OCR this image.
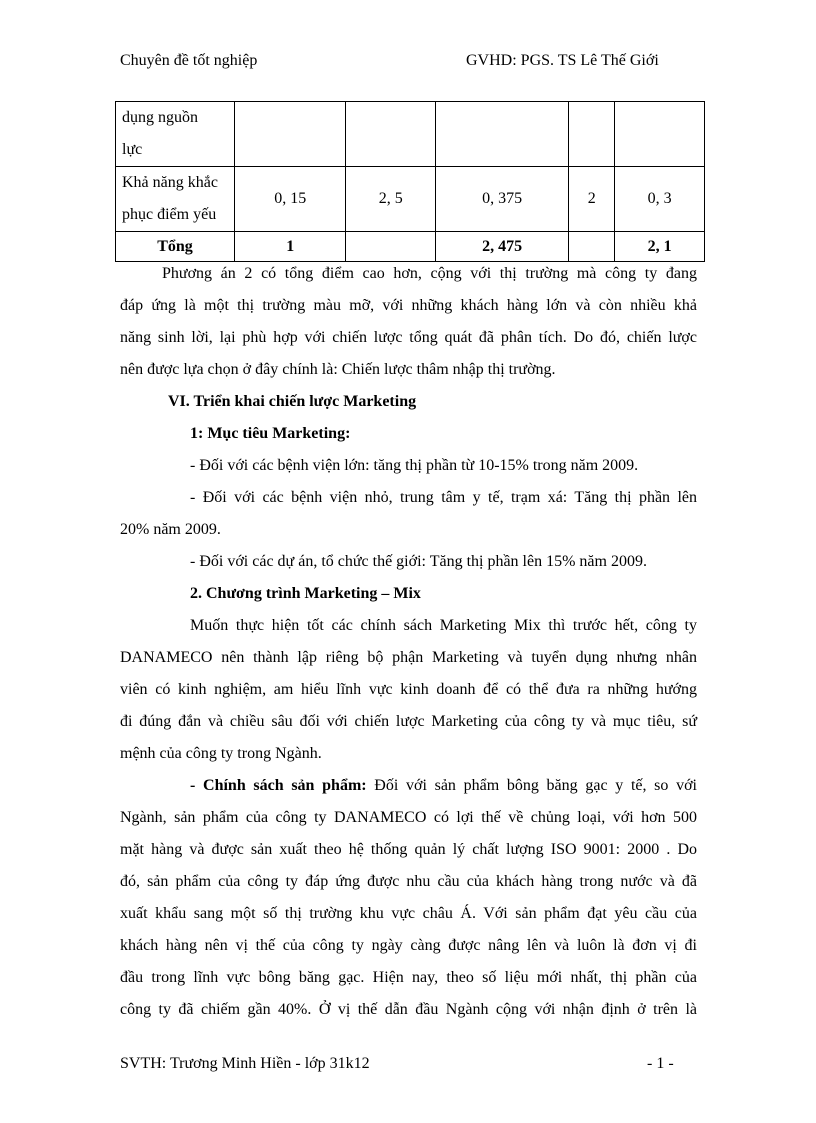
Chuyên đề tốt nghiệp	GVHD: PGS. TS Lê Thế Giới
dụng nguồn
lực					
Khả năng khắc
phục điểm yếu	0, 15	2, 5	0, 375	2	0, 3
Tổng	1		2, 475		2, 1

Phương án 2 có tổng điểm cao hơn, cộng với thị trường mà công ty đang

đáp ứng là một thị trường màu mỡ, với những khách hàng lớn và còn nhiều khả

năng sinh lời, lại phù hợp với chiến lược tổng quát đã phân tích. Do đó, chiến lược

nên được lựa chọn ở đây chính là: Chiến lược thâm nhập thị trường.

VI. Triển khai chiến lược Marketing

1: Mục tiêu Marketing:

- Đối với các bệnh viện lớn: tăng thị phần từ 10-15% trong năm 2009.

- Đối với các bệnh viện nhỏ, trung tâm y tế, trạm xá: Tăng thị phần lên

20% năm 2009.

- Đối với các dự án, tổ chức thế giới: Tăng thị phần lên 15% năm 2009.

2. Chương trình Marketing – Mix

Muốn thực hiện tốt các chính sách Marketing Mix thì trước hết, công ty

DANAMECO nên thành lập riêng bộ phận Marketing và tuyển dụng nhưng nhân

viên có kinh nghiệm, am hiểu lĩnh vực kinh doanh để có thể đưa ra những hướng

đi đúng đắn và chiều sâu đối với chiến lược Marketing của công ty và mục tiêu, sứ

mệnh của công ty trong Ngành.

- Chính sách sản phẩm: Đối với sản phẩm bông băng gạc y tế, so với

Ngành, sản phẩm của công ty DANAMECO có lợi thế về chủng loại, với hơn 500

mặt hàng và được sản xuất theo hệ thống quản lý chất lượng ISO 9001: 2000 . Do

đó, sản phẩm của công ty đáp ứng được nhu cầu của khách hàng trong nước và đã

xuất khẩu sang một số thị trường khu vực châu Á. Với sản phẩm đạt yêu cầu của

khách hàng nên vị thế của công ty ngày càng được nâng lên và luôn là đơn vị đi

đầu trong lĩnh vực bông băng gạc. Hiện nay, theo số liệu mới nhất, thị phần của

công ty đã chiếm gần 40%. Ở vị thế dẫn đầu Ngành cộng với nhận định ở trên là

SVTH: Trương Minh Hiền - lớp 31k12	- 1 -
